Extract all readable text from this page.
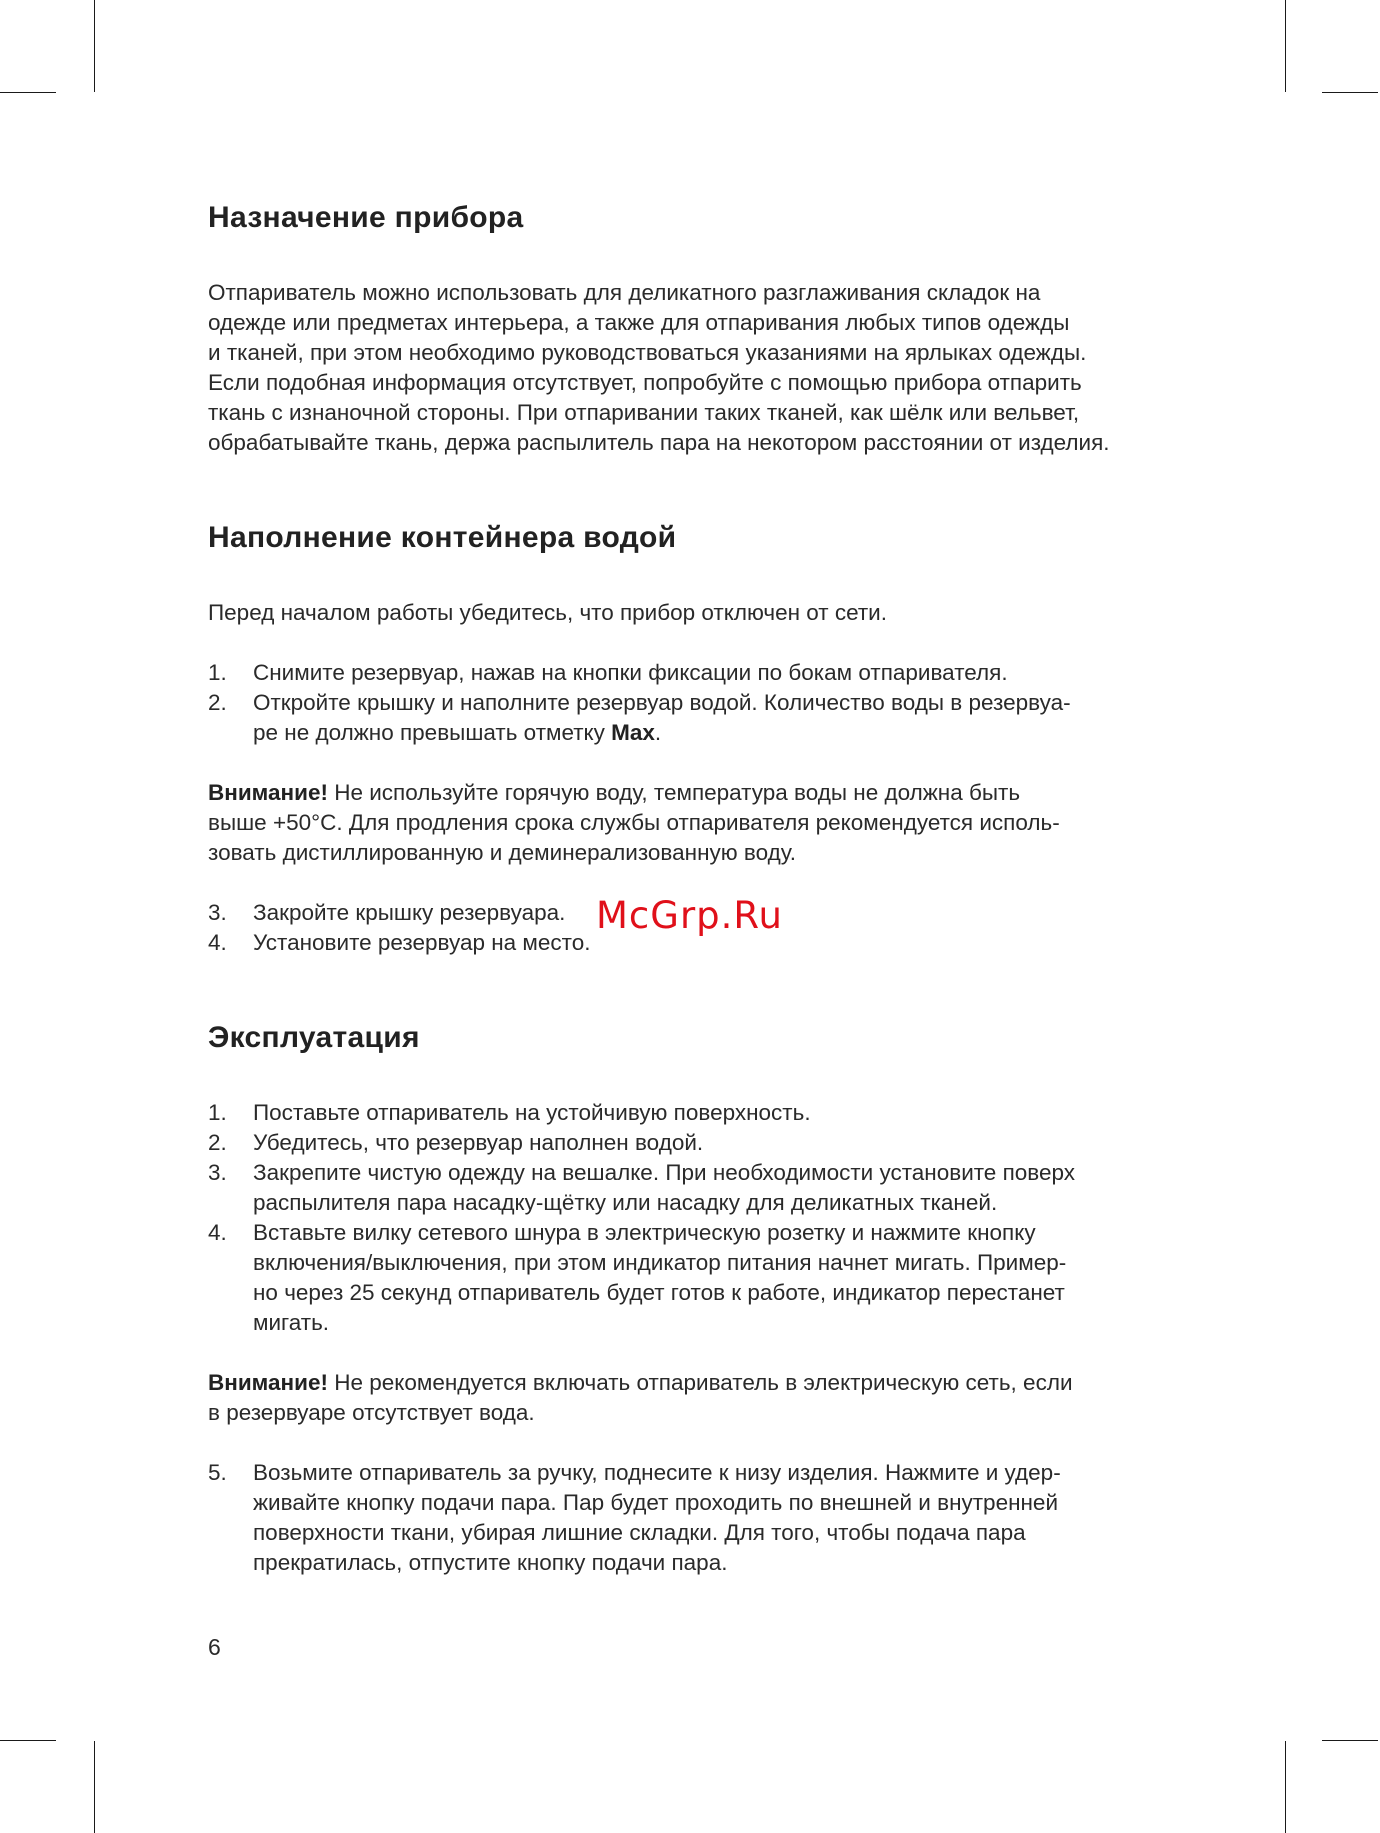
Назначение прибора

Отпариватель можно использовать для деликатного разглаживания складок на
одежде или предметах интерьера, а также для отпаривания любых типов одежды
и тканей, при этом необходимо руководствоваться указаниями на ярлыках одежды.
Если подобная информация отсутствует, попробуйте с помощью прибора отпарить
ткань с изнаночной стороны. При отпаривании таких тканей, как шёлк или вельвет,
обрабатывайте ткань, держа распылитель пара на некотором расстоянии от изделия.

Наполнение контейнера водой

Перед началом работы убедитесь, что прибор отключен от сети.

1. Снимите резервуар, нажав на кнопки фиксации по бокам отпаривателя.
2. Откройте крышку и наполните резервуар водой. Количество воды в резервуа-
ре не должно превышать отметку Max.

Внимание! Не используйте горячую воду, температура воды не должна быть
выше +50°С. Для продления срока службы отпаривателя рекомендуется исполь-
зовать дистиллированную и деминерализованную воду.

3. Закройте крышку резервуара.
4. Установите резервуар на место.
Эксплуатация
1. Поставьте отпариватель на устойчивую поверхность.
2. Убедитесь, что резервуар наполнен водой.
3. Закрепите чистую одежду на вешалке. При необходимости установите поверх
распылителя пара насадку-щётку или насадку для деликатных тканей.
4. Вставьте вилку сетевого шнура в электрическую розетку и нажмите кнопку
включения/выключения, при этом индикатор питания начнет мигать. Пример-
но через 25 секунд отпариватель будет готов к работе, индикатор перестанет
мигать.

Внимание! Не рекомендуется включать отпариватель в электрическую сеть, если
в резервуаре отсутствует вода.

5. Возьмите отпариватель за ручку, поднесите к низу изделия. Нажмите и удер-
живайте кнопку подачи пара. Пар будет проходить по внешней и внутренней
поверхности ткани, убирая лишние складки. Для того, чтобы подача пара
прекратилась, отпустите кнопку подачи пара.
McGrp.Ru
6
